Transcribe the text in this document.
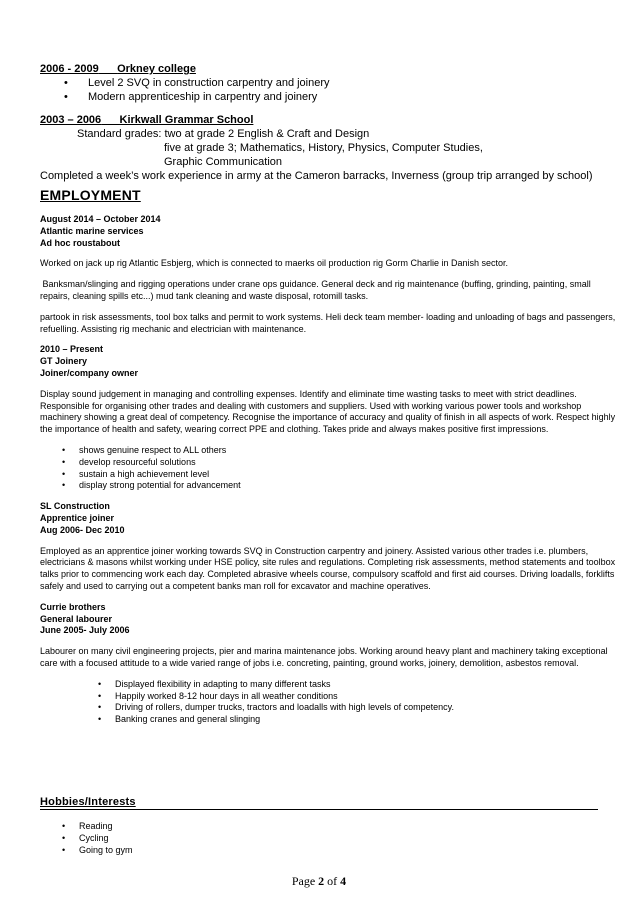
2006 - 2009 Orkney college
• Level 2 SVQ in construction carpentry and joinery
• Modern apprenticeship in carpentry and joinery
2003 – 2006 Kirkwall Grammar School
Standard grades: two at grade 2 English & Craft and Design
five at grade 3; Mathematics, History, Physics, Computer Studies,
Graphic Communication
Completed a week’s work experience in army at the Cameron barracks, Inverness (group trip arranged by school)
EMPLOYMENT
August 2014 – October 2014
Atlantic marine services
Ad hoc roustabout

Worked on jack up rig Atlantic Esbjerg, which is connected to maerks oil production rig Gorm Charlie in Danish sector.

Banksman/slinging and rigging operations under crane ops guidance. General deck and rig maintenance (buffing, grinding, painting, small repairs, cleaning spills etc...) mud tank cleaning and waste disposal, rotomill tasks.

partook in risk assessments, tool box talks and permit to work systems. Heli deck team member- loading and unloading of bags and passengers, refuelling. Assisting rig mechanic and electrician with maintenance.

2010 – Present
GT Joinery
Joiner/company owner

Display sound judgement in managing and controlling expenses. Identify and eliminate time wasting tasks to meet with strict deadlines. Responsible for organising other trades and dealing with customers and suppliers. Used with working various power tools and workshop machinery showing a great deal of competency. Recognise the importance of accuracy and quality of finish in all aspects of work. Respect highly the importance of health and safety, wearing correct PPE and clothing. Takes pride and always makes positive first impressions.

• shows genuine respect to ALL others
• develop resourceful solutions
• sustain a high achievement level
• display strong potential for advancement
SL Construction
Apprentice joiner
Aug 2006- Dec 2010

Employed as an apprentice joiner working towards SVQ in Construction carpentry and joinery. Assisted various other trades i.e. plumbers, electricians & masons whilst working under HSE policy, site rules and regulations. Completing risk assessments, method statements and toolbox talks prior to commencing work each day. Completed abrasive wheels course, compulsory scaffold and first aid courses. Driving loadalls, forklifts safely and used to carrying out a competent banks man roll for excavator and machine operatives.

Currie brothers
General labourer
June 2005- July 2006

Labourer on many civil engineering projects, pier and marina maintenance jobs. Working around heavy plant and machinery taking exceptional care with a focused attitude to a wide varied range of jobs i.e. concreting, painting, ground works, joinery, demolition, asbestos removal.

• Displayed flexibility in adapting to many different tasks
• Happily worked 8-12 hour days in all weather conditions
• Driving of rollers, dumper trucks, tractors and loadalls with high levels of competency.
• Banking cranes and general slinging
Hobbies/Interests
• Reading
• Cycling
• Going to gym
Page 2 of 4
